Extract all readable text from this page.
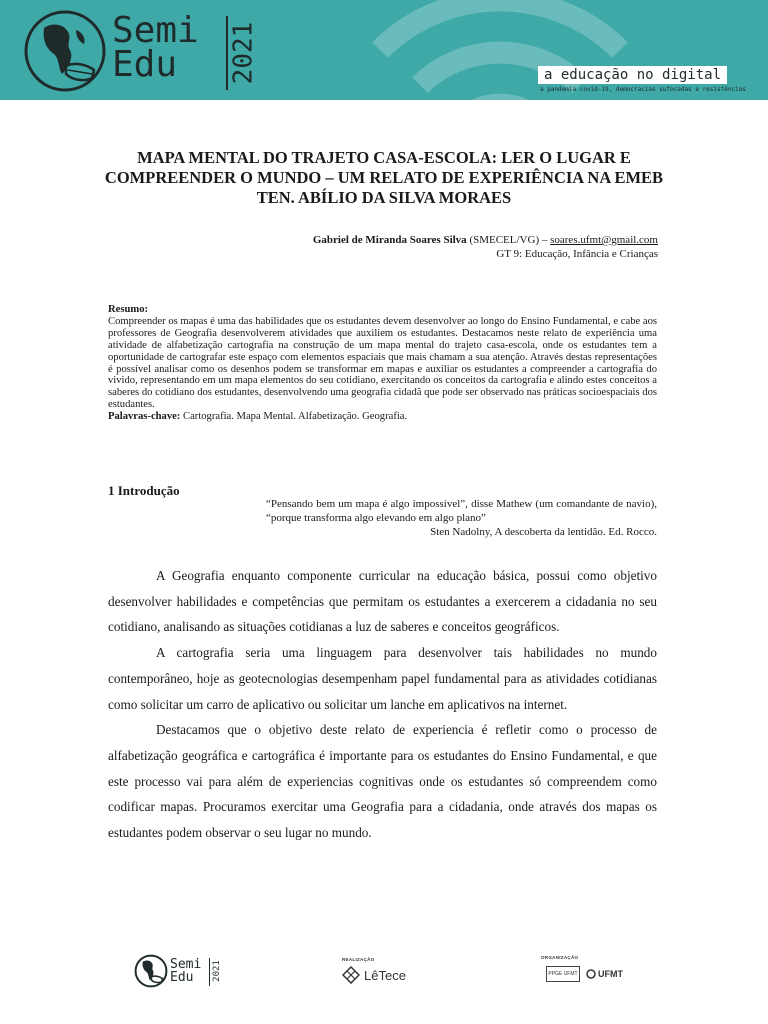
Semi
Edu	2021	a educação no digital
a pandemia covid-19, democracias sufocadas e resistências
MAPA MENTAL DO TRAJETO CASA-ESCOLA: LER O LUGAR E COMPREENDER O MUNDO – UM RELATO DE EXPERIÊNCIA NA EMEB TEN. ABÍLIO DA SILVA MORAES
Gabriel de Miranda Soares Silva (SMECEL/VG) – soares.ufmt@gmail.com
GT 9: Educação, Infância e Crianças
Resumo:
Compreender os mapas é uma das habilidades que os estudantes devem desenvolver ao longo do Ensino Fundamental, e cabe aos professores de Geografia desenvolverem atividades que auxiliem os estudantes. Destacamos neste relato de experiência uma atividade de alfabetização cartografia na construção de um mapa mental do trajeto casa-escola, onde os estudantes tem a oportunidade de cartografar este espaço com elementos espaciais que mais chamam a sua atenção. Através destas representações é possível analisar como os desenhos podem se transformar em mapas e auxiliar os estudantes a compreender a cartografia do vivido, representando em um mapa elementos do seu cotidiano, exercitando os conceitos da cartografia e alindo estes conceitos a saberes do cotidiano dos estudantes, desenvolvendo uma geografia cidadã que pode ser observado nas práticas socioespaciais dos estudantes.
Palavras-chave: Cartografia. Mapa Mental. Alfabetização. Geografia.
1 Introdução
“Pensando bem um mapa é algo impossível”, disse Mathew (um comandante de navio), “porque transforma algo elevando em algo plano”
Sten Nadolny, A descoberta da lentidão. Ed. Rocco.

A Geografia enquanto componente curricular na educação básica, possui como objetivo desenvolver habilidades e competências que permitam os estudantes a exercerem a cidadania no seu cotidiano, analisando as situações cotidianas a luz de saberes e conceitos geográficos.

A cartografia seria uma linguagem para desenvolver tais habilidades no mundo contemporâneo, hoje as geotecnologias desempenham papel fundamental para as atividades cotidianas como solicitar um carro de aplicativo ou solicitar um lanche em aplicativos na internet.

Destacamos que o objetivo deste relato de experiencia é refletir como o processo de alfabetização geográfica e cartográfica é importante para os estudantes do Ensino Fundamental, e que este processo vai para além de experiencias cognitivas onde os estudantes só compreendem como codificar mapas. Procuramos exercitar uma Geografia para a cidadania, onde através dos mapas os estudantes podem observar o seu lugar no mundo.

Semi
Edu	2021
REALIZAÇÃO
LêTece
ORGANIZAÇÃO
PPGE UFMT UFMT
